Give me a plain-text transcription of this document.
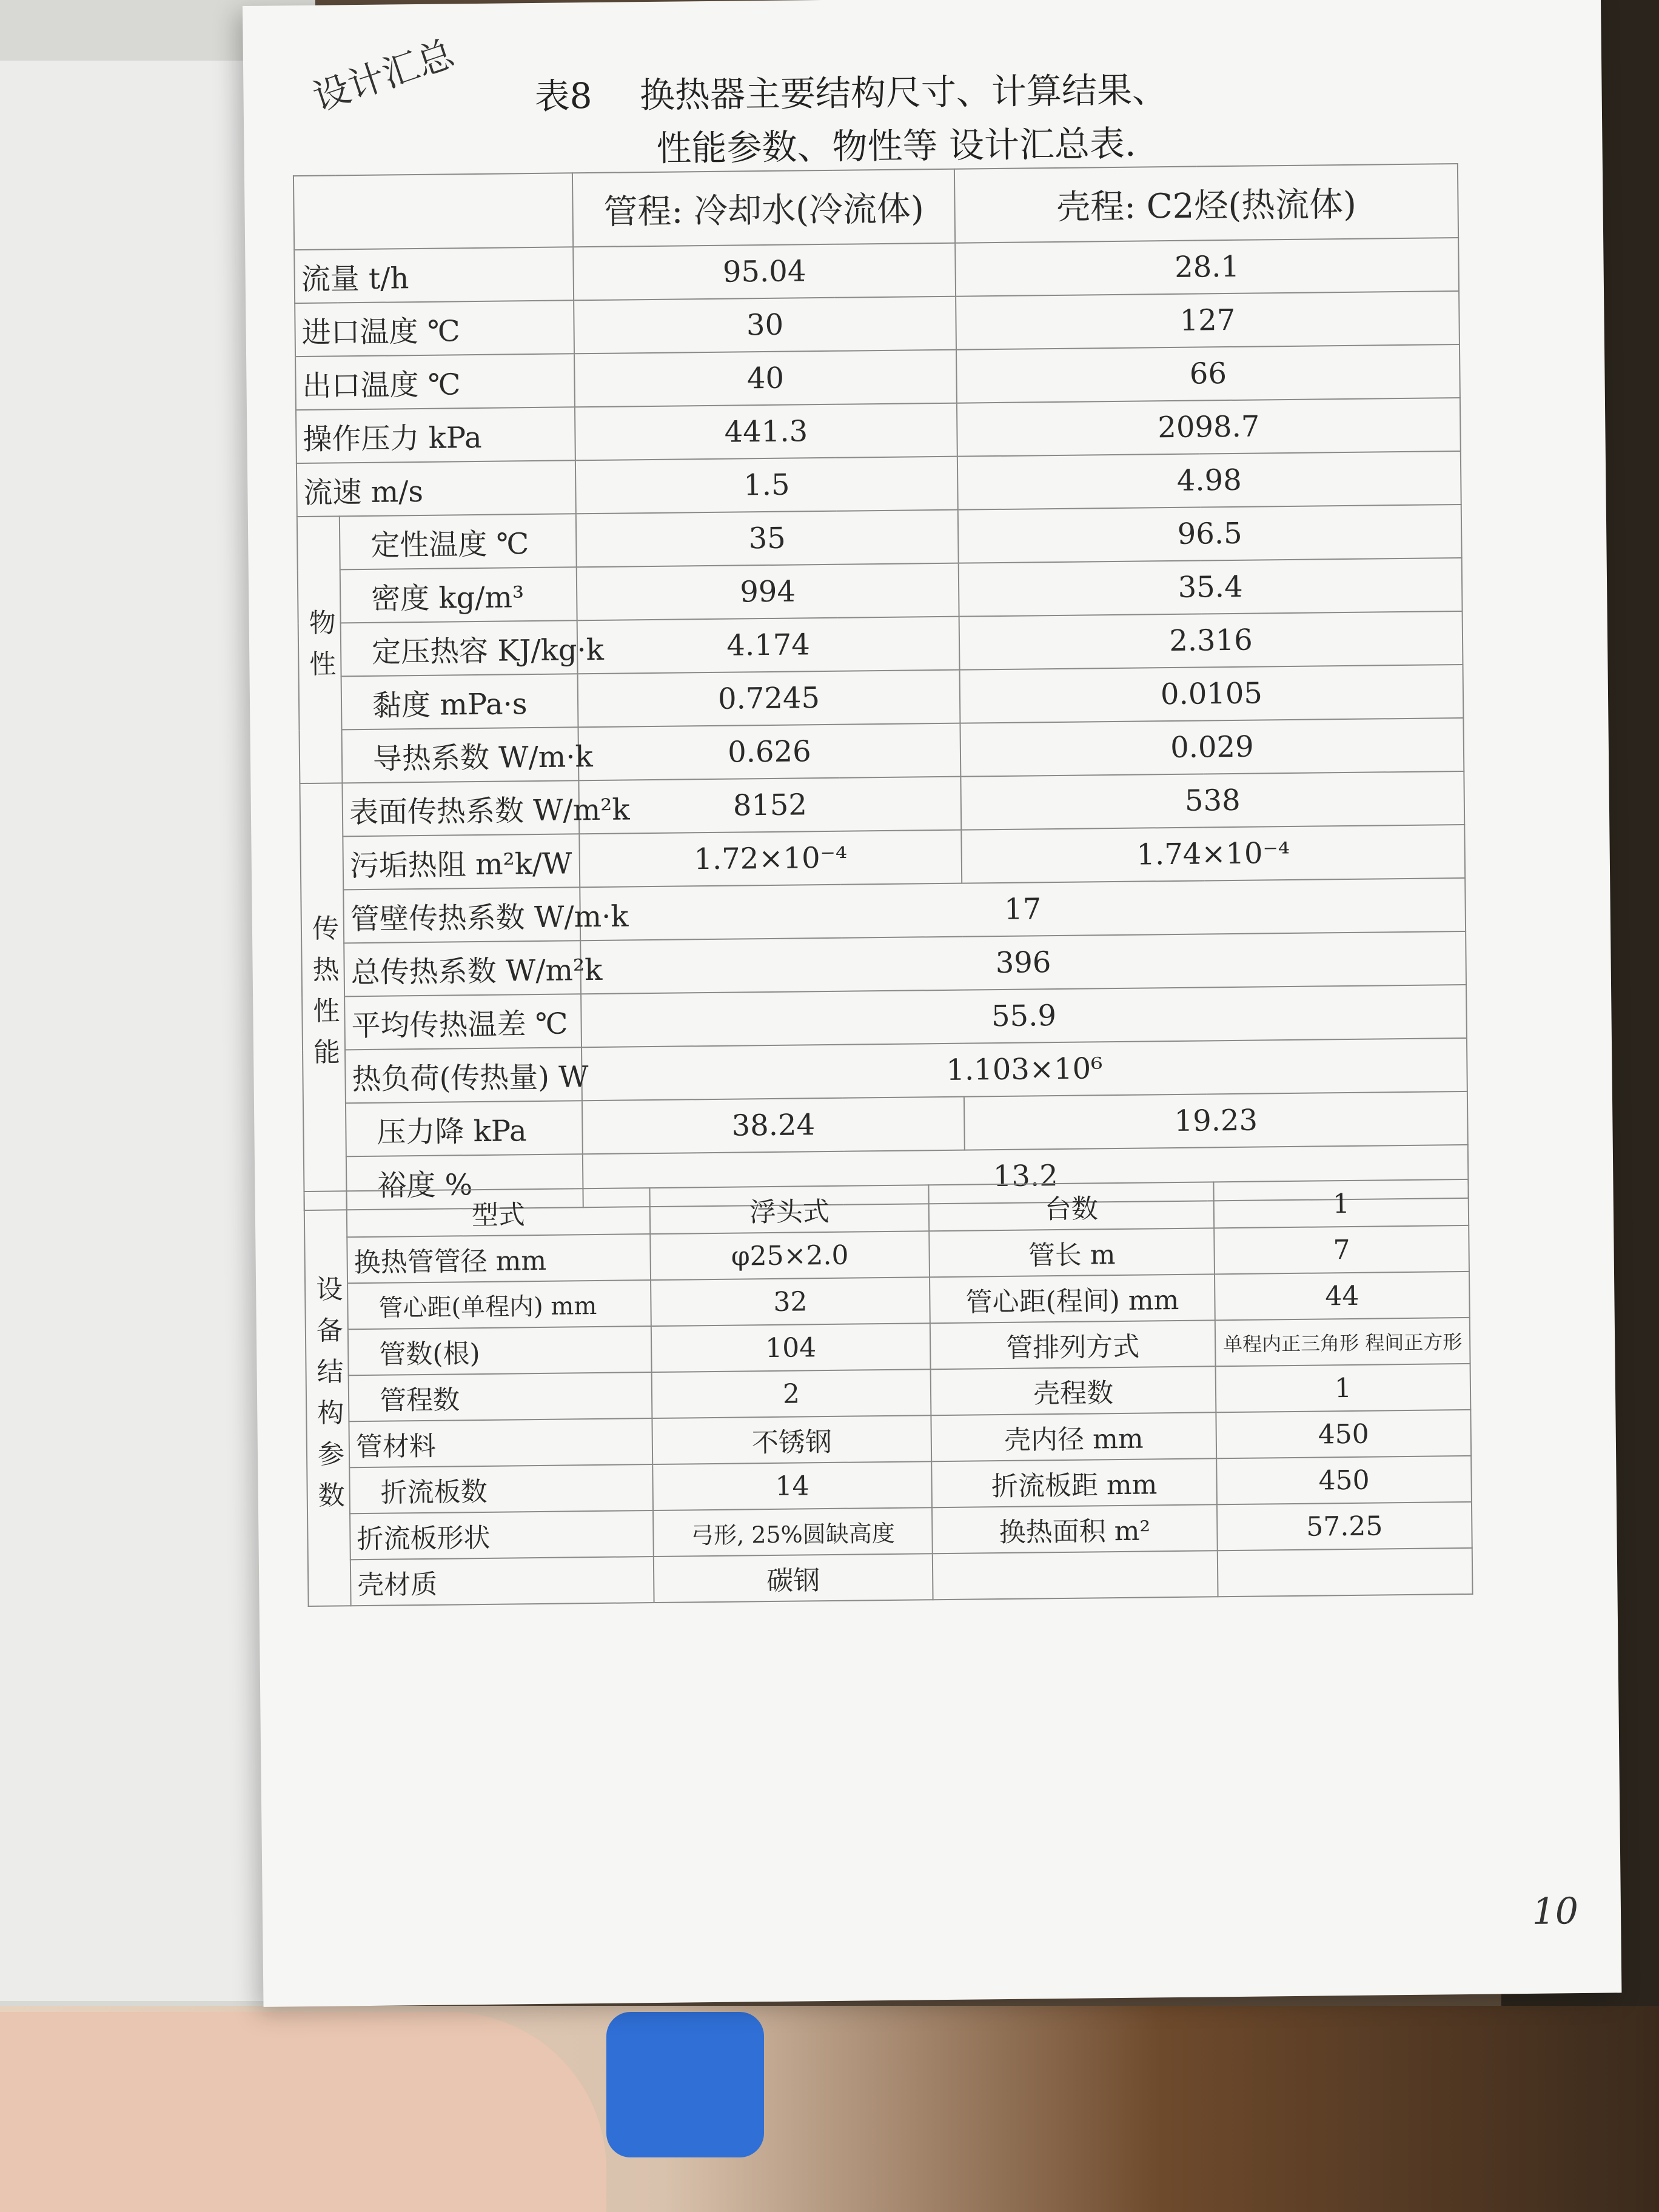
设计汇总 表8 换热器主要结构尺寸、计算结果、
性能参数、物性等 设计汇总表.
		管程: 冷却水(冷流体)	壳程: C2烃(热流体)
流量 t/h		95.04	28.1
进口温度 ℃		30	127
出口温度 ℃		40	66
操作压力 kPa		441.3	2098.7
流速 m/s		1.5	4.98
物性	定性温度 ℃	35	96.5
	密度 kg/m³	994	35.4
	定压热容 KJ/kg·k	4.174	2.316
	黏度 mPa·s	0.7245	0.0105
	导热系数 W/m·k	0.626	0.029
传热性能	表面传热系数 W/m²k	8152	538
	污垢热阻 m²k/W	1.72×10⁻⁴	1.74×10⁻⁴
	管壁传热系数 W/m·k	17	
	总传热系数 W/m²k	396	
	平均传热温差 ℃	55.9	
	热负荷(传热量) W	1.103×10⁶	
	压力降 kPa	38.24	19.23
	裕度 %	13.2	
设备结构参数	型式	浮头式	台数	1
	换热管管径 mm	φ25×2.0	管长 m	7
	管心距(单程内) mm	32	管心距(程间) mm	44
	管数(根)	104	管排列方式	单程内正三角形 程间正方形
	管程数	2	壳程数	1
	管材料	不锈钢	壳内径 mm	450
	折流板数	14	折流板距 mm	450
	折流板形状	弓形, 25%圆缺高度	换热面积 m²	57.25
	壳材质	碳钢		
10
